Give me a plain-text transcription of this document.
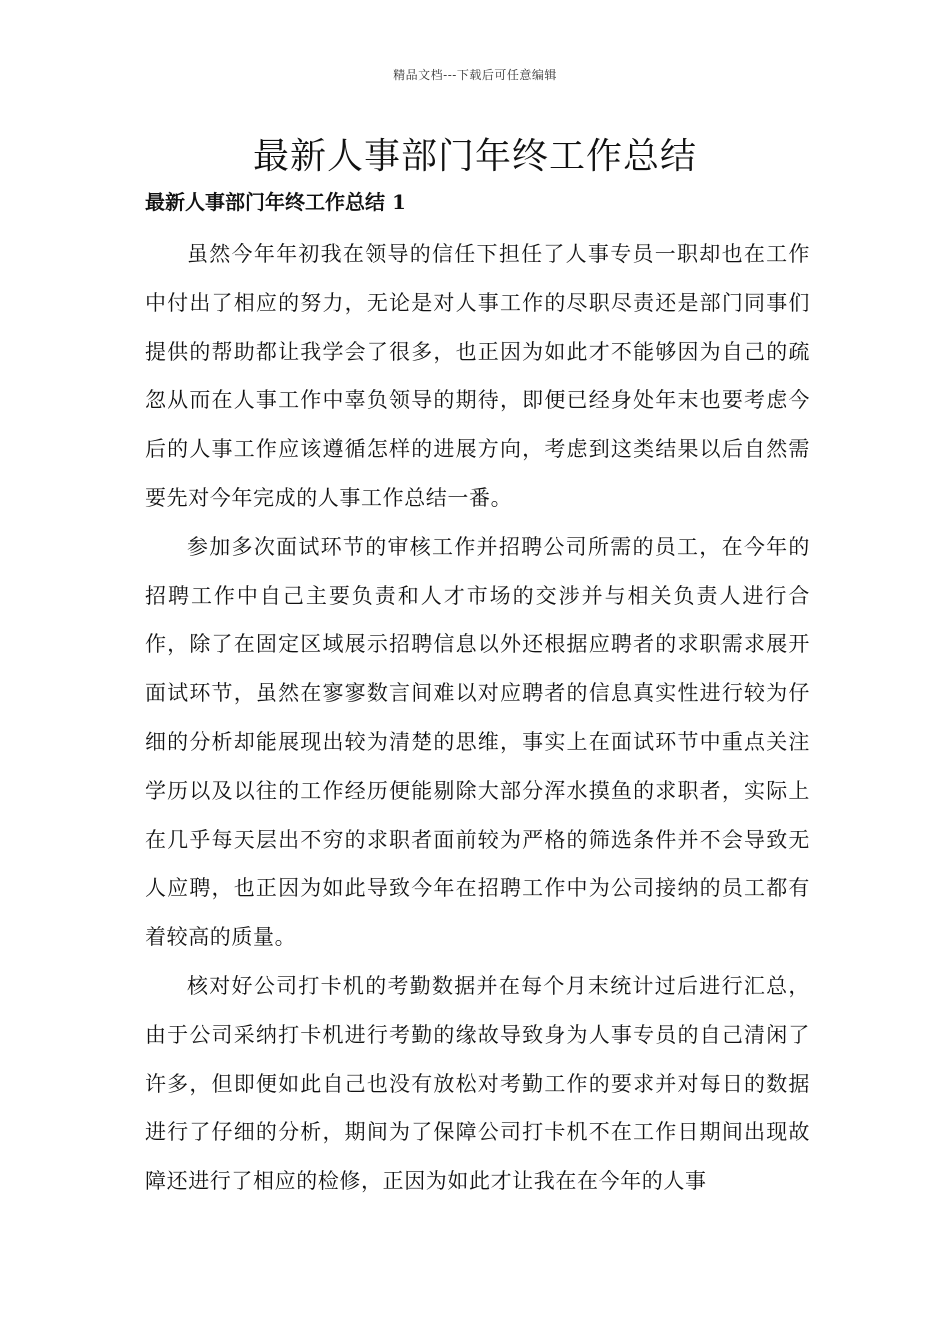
精品文档---下载后可任意编辑
最新人事部门年终工作总结
最新人事部门年终工作总结 1

虽然今年年初我在领导的信任下担任了人事专员一职却也在工作中付出了相应的努力，无论是对人事工作的尽职尽责还是部门同事们提供的帮助都让我学会了很多，也正因为如此才不能够因为自己的疏忽从而在人事工作中辜负领导的期待，即便已经身处年末也要考虑今后的人事工作应该遵循怎样的进展方向，考虑到这类结果以后自然需要先对今年完成的人事工作总结一番。

参加多次面试环节的审核工作并招聘公司所需的员工，在今年的招聘工作中自己主要负责和人才市场的交涉并与相关负责人进行合作，除了在固定区域展示招聘信息以外还根据应聘者的求职需求展开面试环节，虽然在寥寥数言间难以对应聘者的信息真实性进行较为仔细的分析却能展现出较为清楚的思维，事实上在面试环节中重点关注学历以及以往的工作经历便能剔除大部分浑水摸鱼的求职者，实际上在几乎每天层出不穷的求职者面前较为严格的筛选条件并不会导致无人应聘，也正因为如此导致今年在招聘工作中为公司接纳的员工都有着较高的质量。

核对好公司打卡机的考勤数据并在每个月末统计过后进行汇总，由于公司采纳打卡机进行考勤的缘故导致身为人事专员的自己清闲了许多，但即便如此自己也没有放松对考勤工作的要求并对每日的数据进行了仔细的分析，期间为了保障公司打卡机不在工作日期间出现故障还进行了相应的检修，正因为如此才让我在在今年的人事
